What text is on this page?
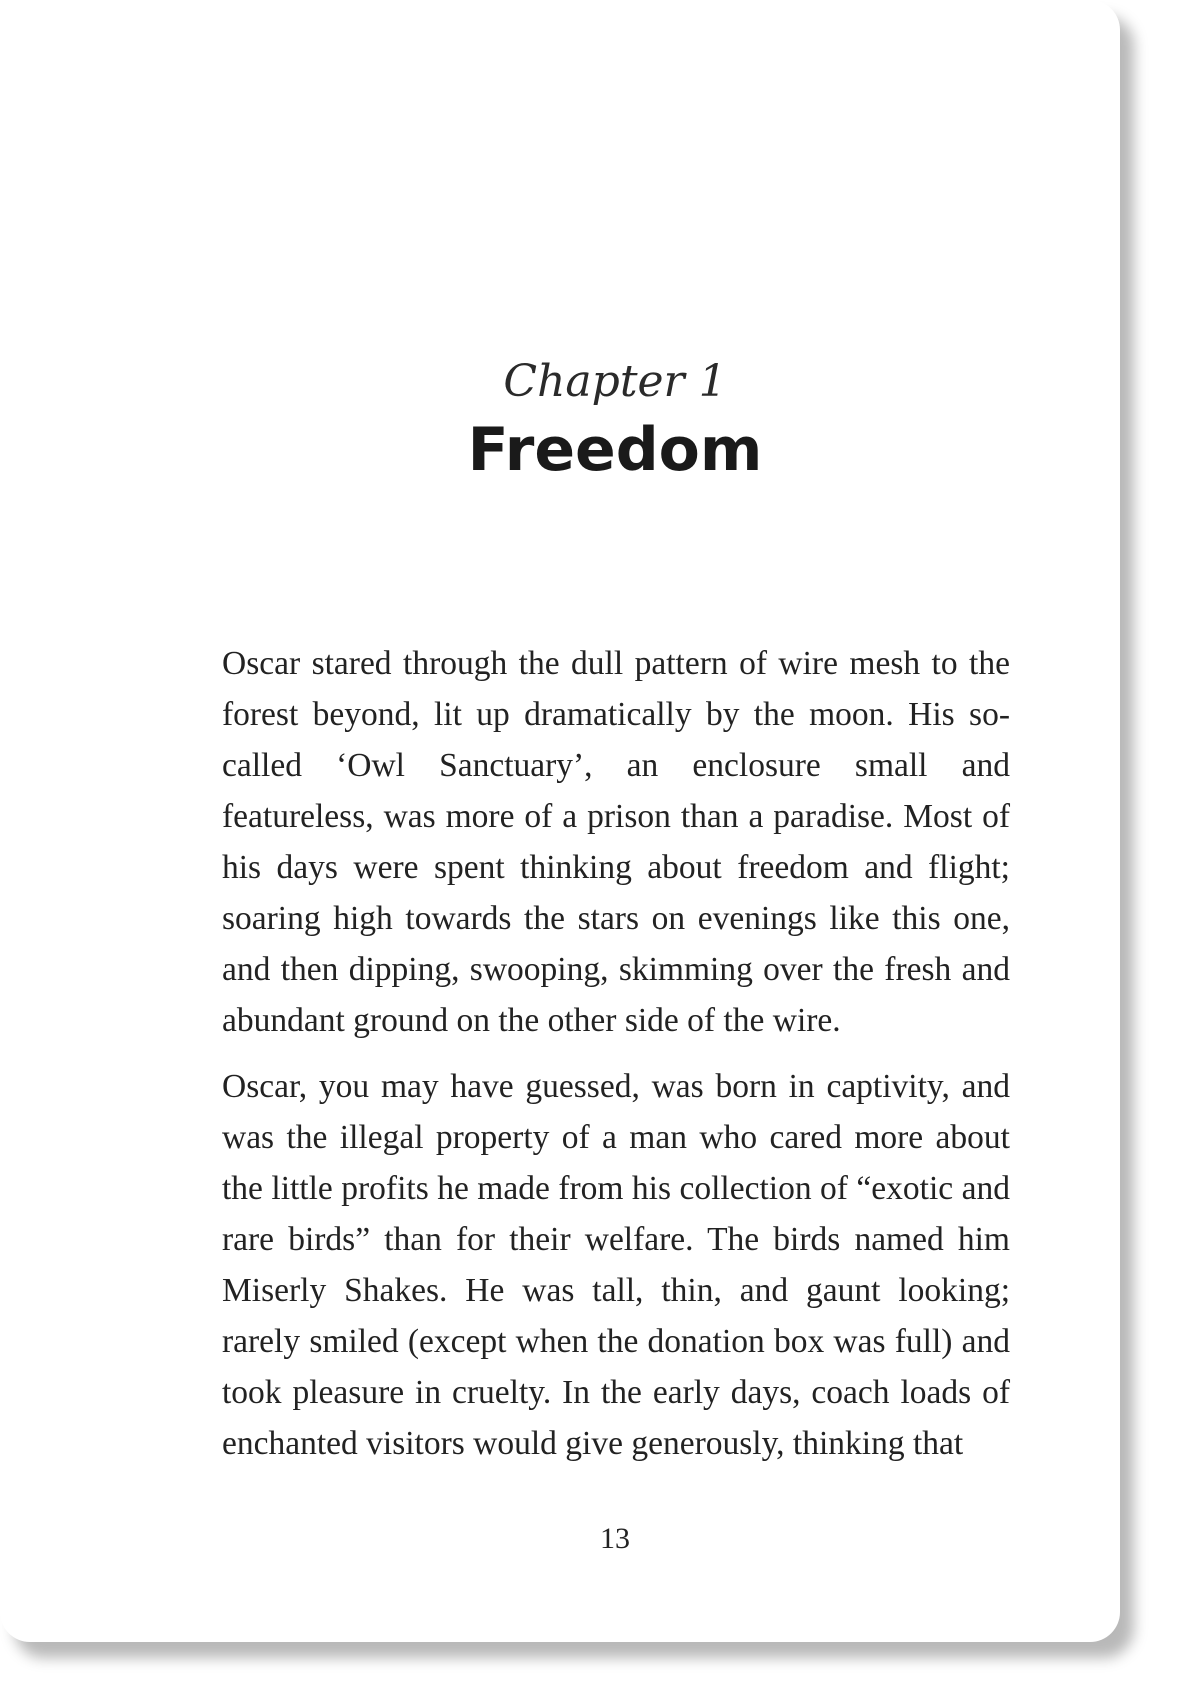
Chapter 1
Freedom

Oscar stared through the dull pattern of wire mesh to the forest beyond, lit up dramatically by the moon. His so-called ‘Owl Sanctuary’, an enclosure small and featureless, was more of a prison than a paradise. Most of his days were spent thinking about freedom and flight; soaring high towards the stars on evenings like this one, and then dipping, swooping, skimming over the fresh and abundant ground on the other side of the wire.

Oscar, you may have guessed, was born in captivity, and was the illegal property of a man who cared more about the little profits he made from his collection of “exotic and rare birds” than for their welfare. The birds named him Miserly Shakes. He was tall, thin, and gaunt looking; rarely smiled (except when the donation box was full) and took pleasure in cruelty. In the early days, coach loads of enchanted visitors would give generously, thinking that

13
